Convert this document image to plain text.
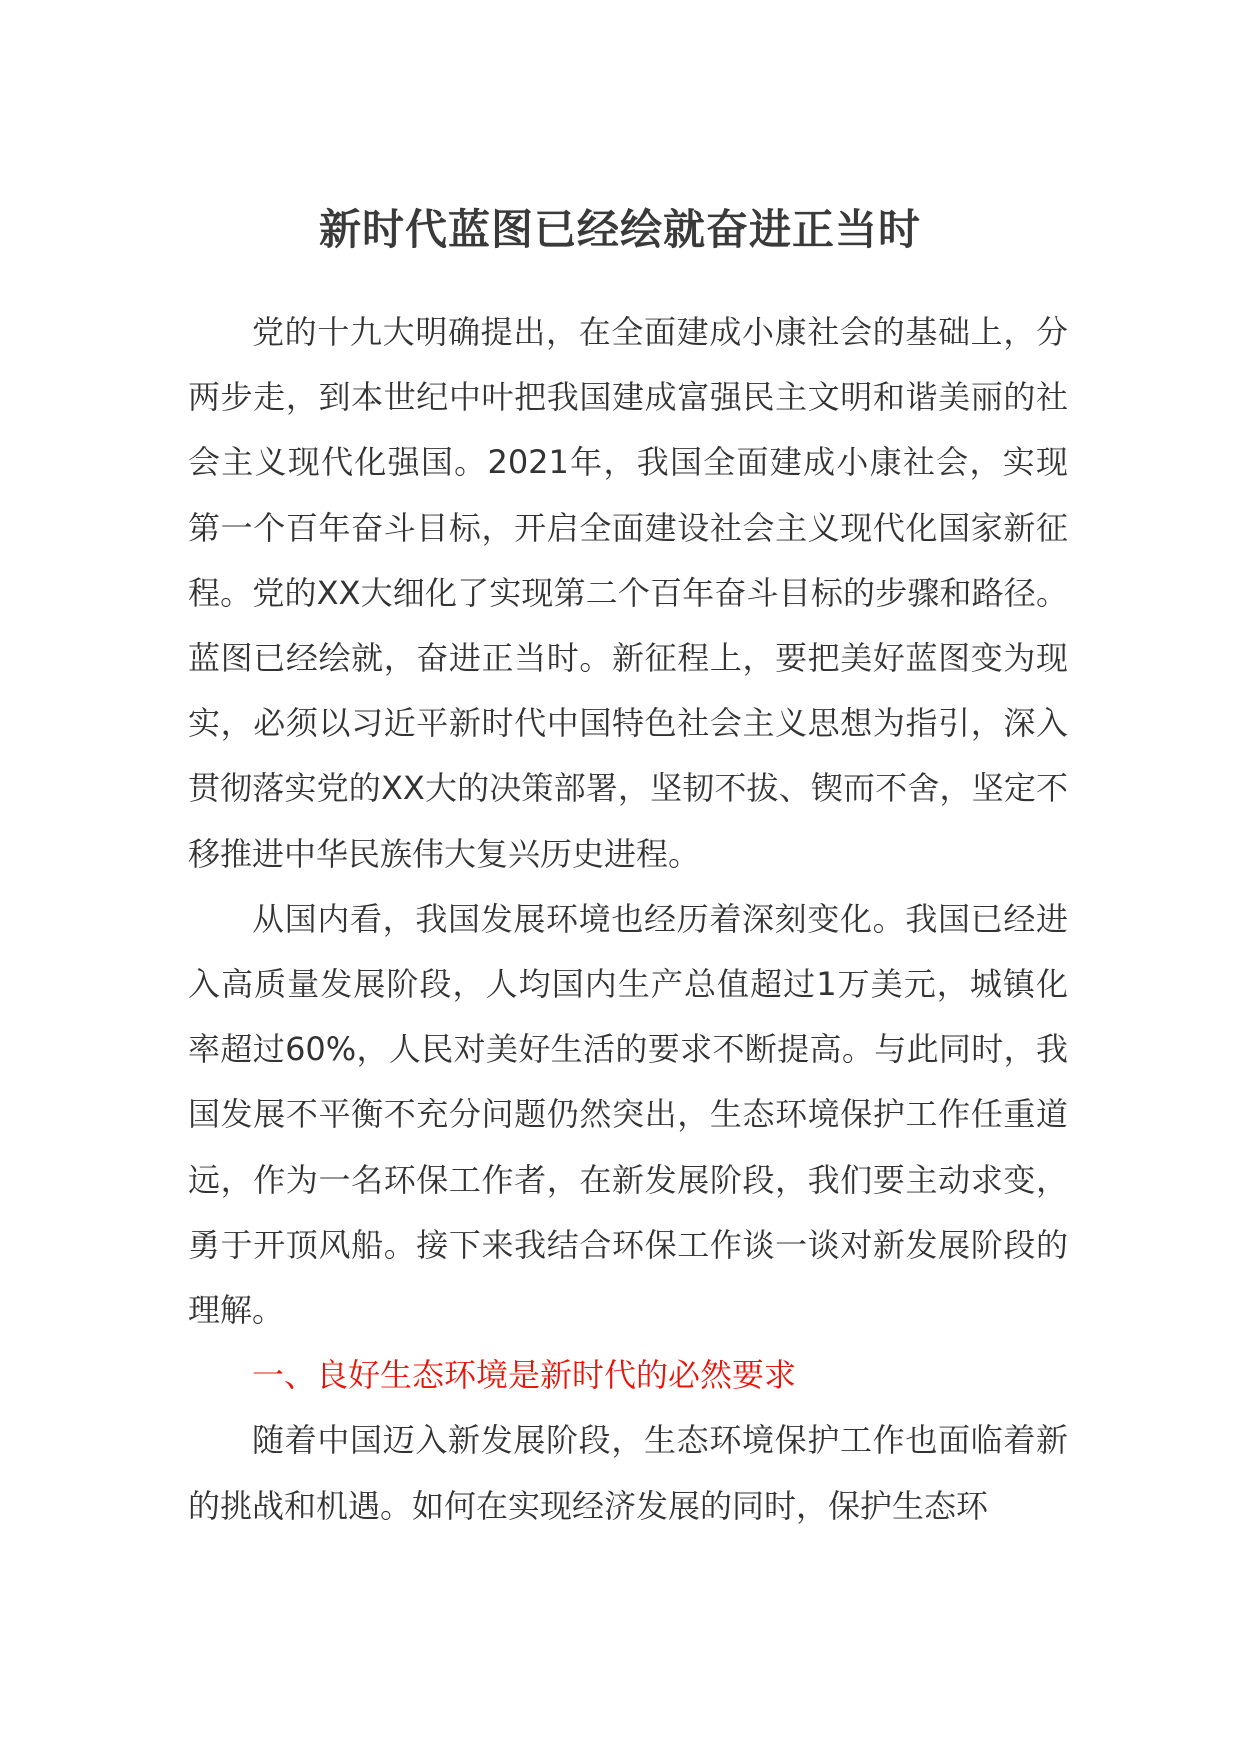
新时代蓝图已经绘就奋进正当时

党的十九大明确提出，在全面建成小康社会的基础上，分两步走，到本世纪中叶把我国建成富强民主文明和谐美丽的社会主义现代化强国。2021年，我国全面建成小康社会，实现第一个百年奋斗目标，开启全面建设社会主义现代化国家新征程。党的XX大细化了实现第二个百年奋斗目标的步骤和路径。蓝图已经绘就，奋进正当时。新征程上，要把美好蓝图变为现实，必须以习近平新时代中国特色社会主义思想为指引，深入贯彻落实党的XX大的决策部署，坚韧不拔、锲而不舍，坚定不移推进中华民族伟大复兴历史进程。

从国内看，我国发展环境也经历着深刻变化。我国已经进入高质量发展阶段，人均国内生产总值超过1万美元，城镇化率超过60%，人民对美好生活的要求不断提高。与此同时，我国发展不平衡不充分问题仍然突出，生态环境保护工作任重道远，作为一名环保工作者，在新发展阶段，我们要主动求变，勇于开顶风船。接下来我结合环保工作谈一谈对新发展阶段的理解。

一、良好生态环境是新时代的必然要求

随着中国迈入新发展阶段，生态环境保护工作也面临着新的挑战和机遇。如何在实现经济发展的同时，保护生态环
